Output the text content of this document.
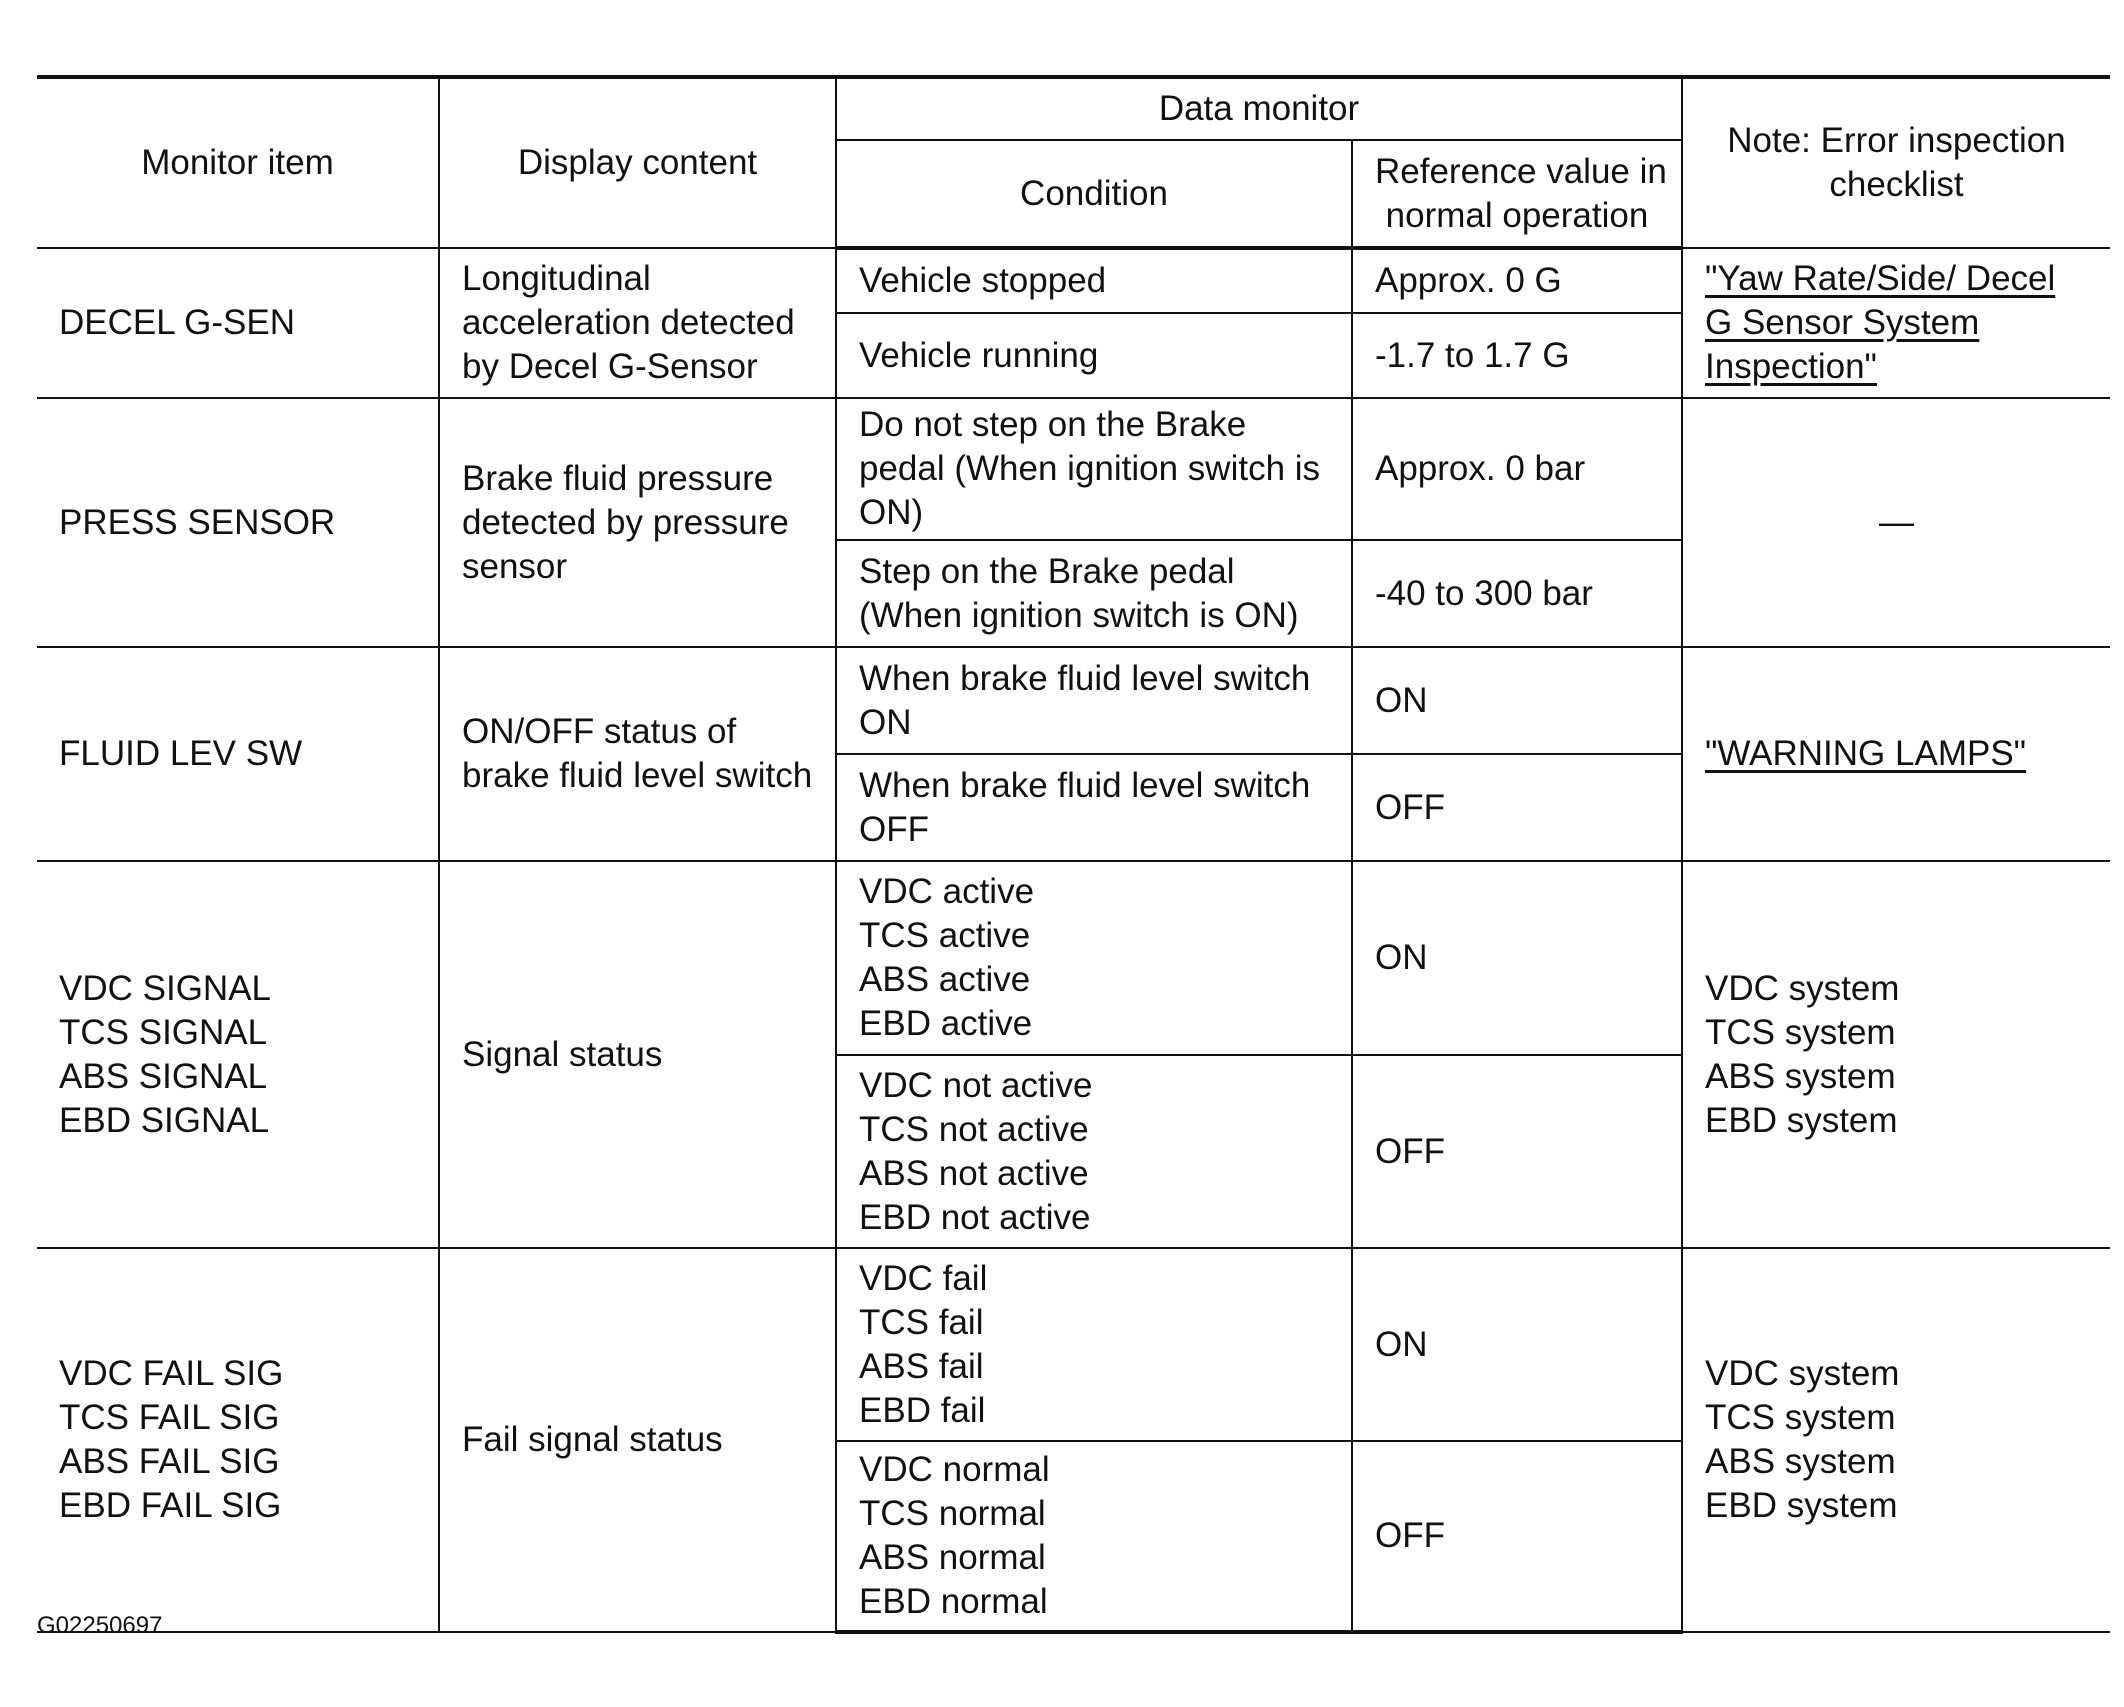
Monitor item	Display content	Data monitor		Note: Error inspection
checklist

		Condition	Reference value in
normal operation	

DECEL G-SEN	Longitudinal acceleration detected by Decel G-Sensor	Vehicle stopped	Approx. 0 G	"Yaw Rate/Side/ Decel G Sensor System Inspection"
		Vehicle running	-1.7 to 1.7 G	
PRESS SENSOR	Brake fluid pressure detected by pressure sensor	Do not step on the Brake pedal (When ignition switch is ON)	Approx. 0 bar	—
		Step on the Brake pedal (When ignition switch is ON)	-40 to 300 bar	
FLUID LEV SW	ON/OFF status of brake fluid level switch	When brake fluid level switch ON	ON	"WARNING LAMPS"
		When brake fluid level switch OFF	OFF	

VDC SIGNAL
TCS SIGNAL
ABS SIGNAL
EBD SIGNAL	Signal status	VDC active
TCS active
ABS active
EBD active	ON	VDC system
TCS system
ABS system
EBD system

		VDC not active
TCS not active
ABS not active
EBD not active	OFF	

VDC FAIL SIG
TCS FAIL SIG
ABS FAIL SIG
EBD FAIL SIG	Fail signal status	VDC fail
TCS fail
ABS fail
EBD fail	ON	VDC system
TCS system
ABS system
EBD system

		VDC normal
TCS normal
ABS normal
EBD normal	OFF	
G02250697
